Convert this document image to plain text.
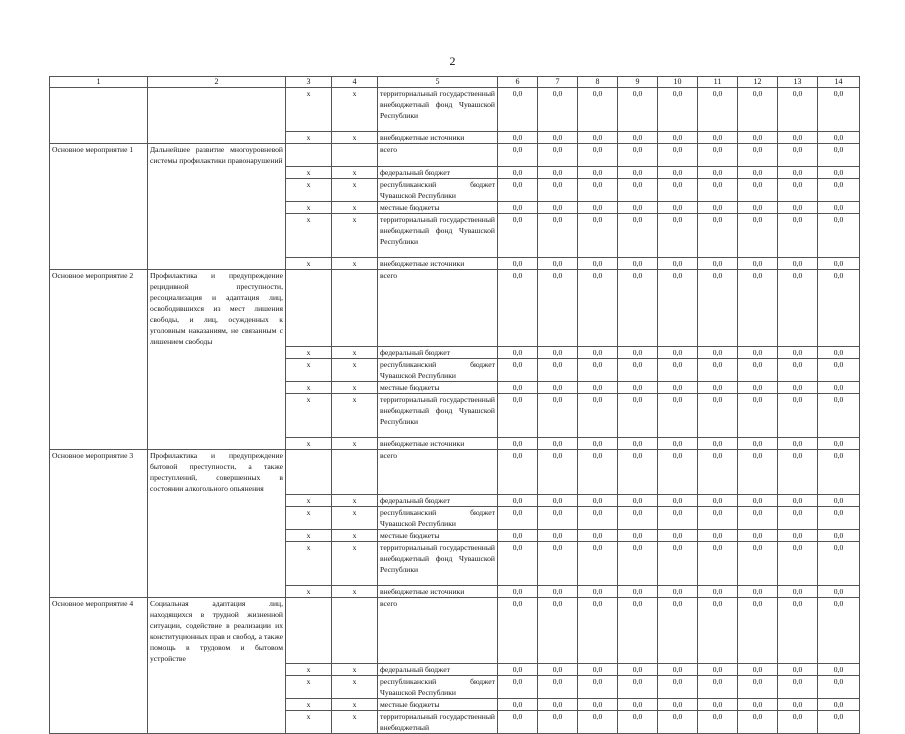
2
1	2	3	4	5	6	7	8	9	10	11	12	13	14
		x	x	территориальный государственный внебюджетный фонд Чувашской Республики	0,0	0,0	0,0	0,0	0,0	0,0	0,0	0,0	0,0
		x	x	внебюджетные источники	0,0	0,0	0,0	0,0	0,0	0,0	0,0	0,0	0,0
Основное мероприятие 1	Дальнейшее развитие многоуровневой системы профилактики правонарушений			всего	0,0	0,0	0,0	0,0	0,0	0,0	0,0	0,0	0,0
		x	x	федеральный бюджет	0,0	0,0	0,0	0,0	0,0	0,0	0,0	0,0	0,0
		x	x	республиканский бюджет Чувашской Республики	0,0	0,0	0,0	0,0	0,0	0,0	0,0	0,0	0,0
		x	x	местные бюджеты	0,0	0,0	0,0	0,0	0,0	0,0	0,0	0,0	0,0
		x	x	территориальный государственный внебюджетный фонд Чувашской Республики	0,0	0,0	0,0	0,0	0,0	0,0	0,0	0,0	0,0
		x	x	внебюджетные источники	0,0	0,0	0,0	0,0	0,0	0,0	0,0	0,0	0,0
Основное мероприятие 2	Профилактика и предупреждение рецидивной преступности, ресоциализация и адаптация лиц, освободившихся из мест лишения свободы, и лиц, осужденных к уголовным наказаниям, не связанным с лишением свободы			всего	0,0	0,0	0,0	0,0	0,0	0,0	0,0	0,0	0,0
		x	x	федеральный бюджет	0,0	0,0	0,0	0,0	0,0	0,0	0,0	0,0	0,0
		x	x	республиканский бюджет Чувашской Республики	0,0	0,0	0,0	0,0	0,0	0,0	0,0	0,0	0,0
		x	x	местные бюджеты	0,0	0,0	0,0	0,0	0,0	0,0	0,0	0,0	0,0
		x	x	территориальный государственный внебюджетный фонд Чувашской Республики	0,0	0,0	0,0	0,0	0,0	0,0	0,0	0,0	0,0
		x	x	внебюджетные источники	0,0	0,0	0,0	0,0	0,0	0,0	0,0	0,0	0,0
Основное мероприятие 3	Профилактика и предупреждение бытовой преступности, а также преступлений, совершенных в состоянии алкогольного опьянения			всего	0,0	0,0	0,0	0,0	0,0	0,0	0,0	0,0	0,0
		x	x	федеральный бюджет	0,0	0,0	0,0	0,0	0,0	0,0	0,0	0,0	0,0
		x	x	республиканский бюджет Чувашской Республики	0,0	0,0	0,0	0,0	0,0	0,0	0,0	0,0	0,0
		x	x	местные бюджеты	0,0	0,0	0,0	0,0	0,0	0,0	0,0	0,0	0,0
		x	x	территориальный государственный внебюджетный фонд Чувашской Республики	0,0	0,0	0,0	0,0	0,0	0,0	0,0	0,0	0,0
		x	x	внебюджетные источники	0,0	0,0	0,0	0,0	0,0	0,0	0,0	0,0	0,0
Основное мероприятие 4	Социальная адаптация лиц, находящихся в трудной жизненной ситуации, содействие в реализации их конституционных прав и свобод, а также помощь в трудовом и бытовом устройстве			всего	0,0	0,0	0,0	0,0	0,0	0,0	0,0	0,0	0,0
		x	x	федеральный бюджет	0,0	0,0	0,0	0,0	0,0	0,0	0,0	0,0	0,0
		x	x	республиканский бюджет Чувашской Республики	0,0	0,0	0,0	0,0	0,0	0,0	0,0	0,0	0,0
		x	x	местные бюджеты	0,0	0,0	0,0	0,0	0,0	0,0	0,0	0,0	0,0
		x	x	территориальный государственный внебюджетный	0,0	0,0	0,0	0,0	0,0	0,0	0,0	0,0	0,0
